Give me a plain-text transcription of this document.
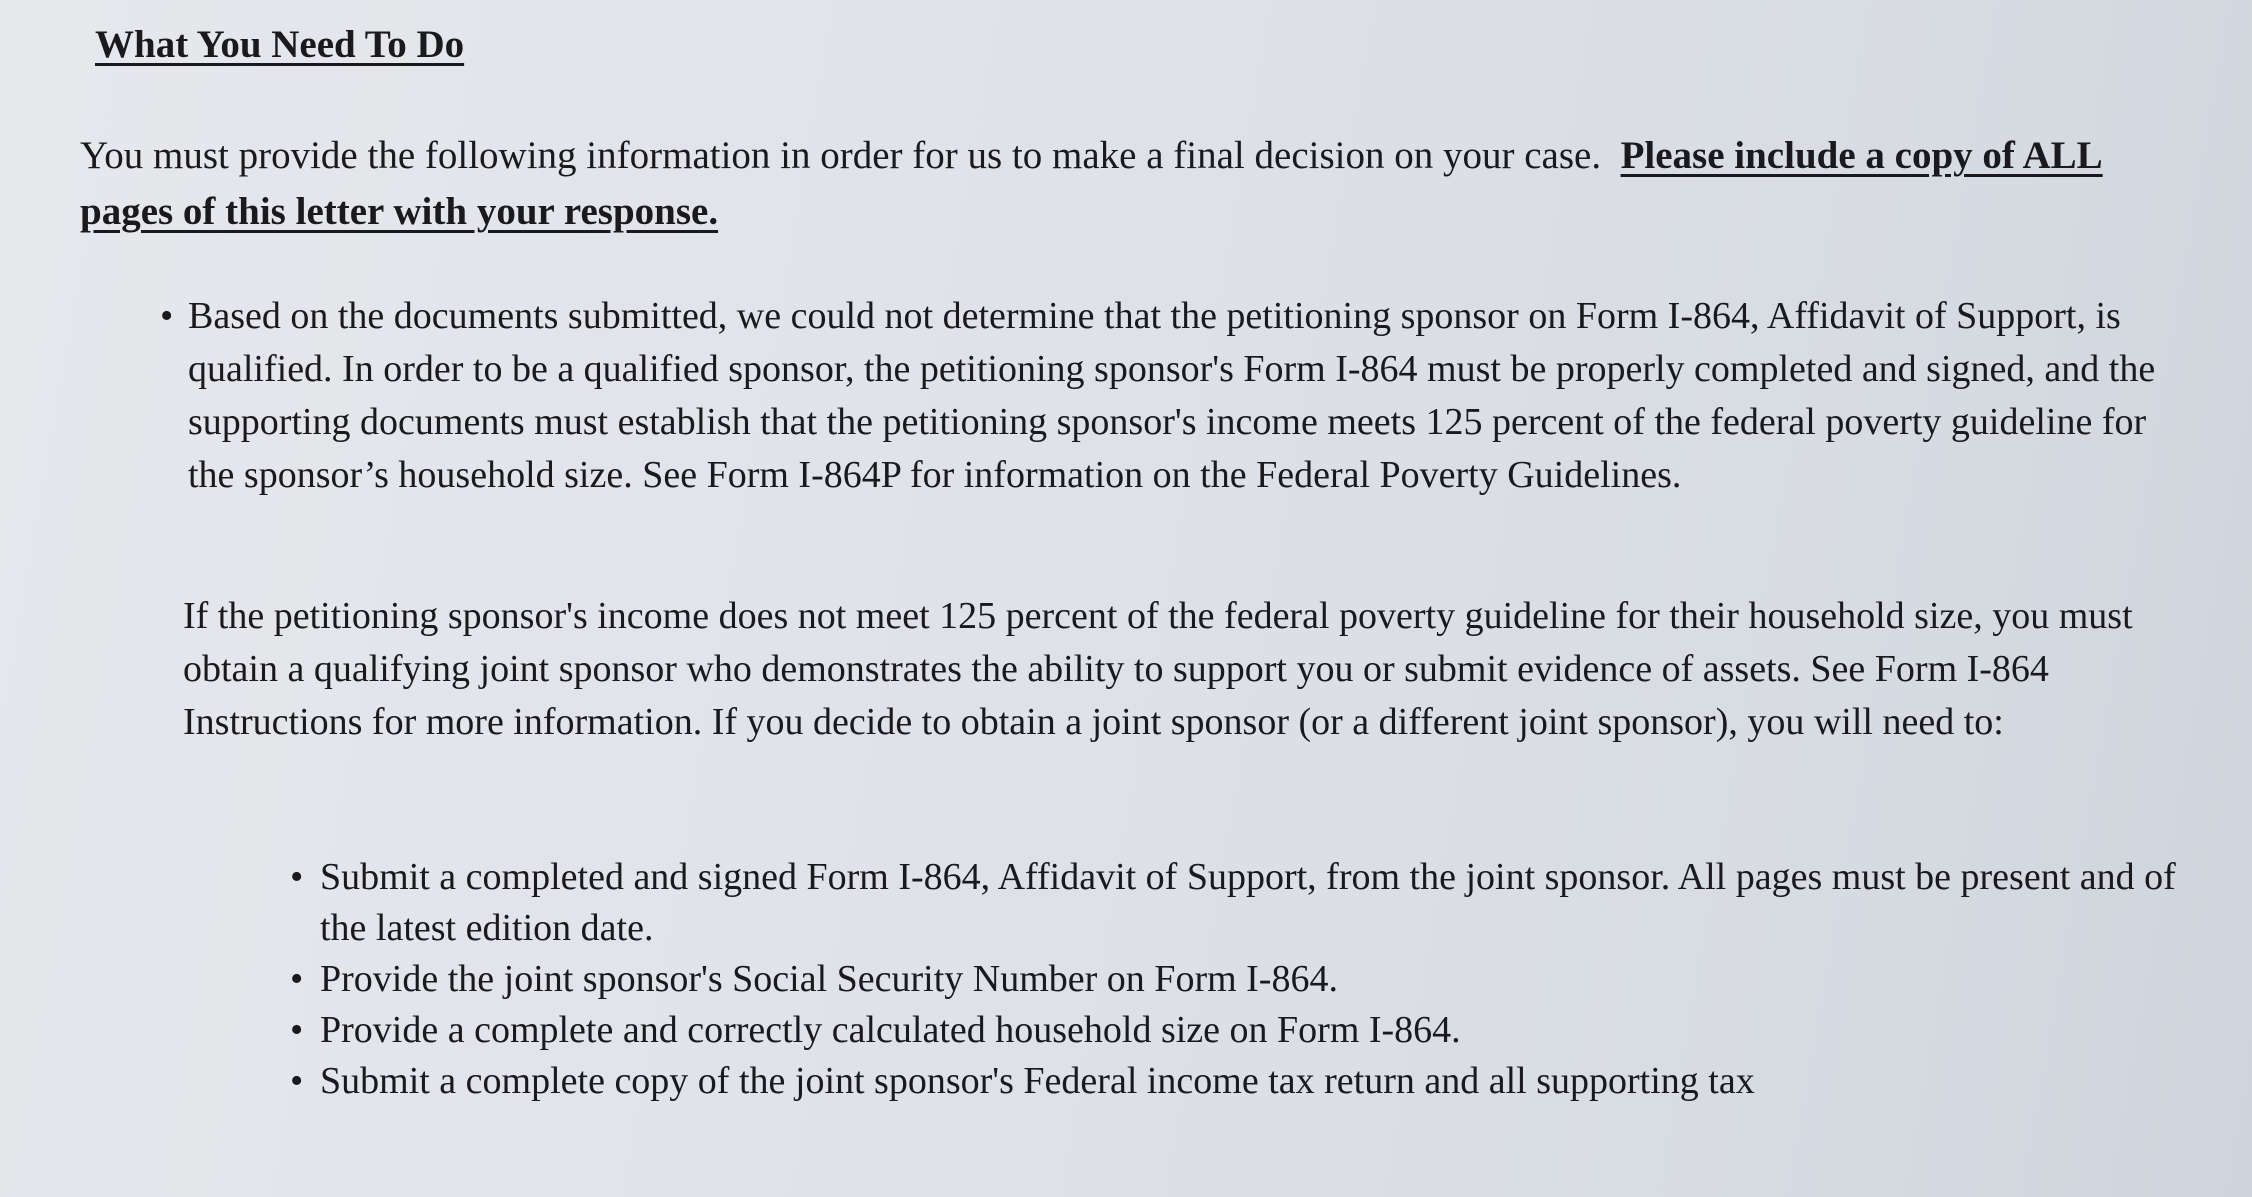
What You Need To Do

You must provide the following information in order for us to make a final decision on your case. Please include a copy of ALL pages of this letter with your response.

• Based on the documents submitted, we could not determine that the petitioning sponsor on Form I-864, Affidavit of Support, is qualified. In order to be a qualified sponsor, the petitioning sponsor's Form I-864 must be properly completed and signed, and the supporting documents must establish that the petitioning sponsor's income meets 125 percent of the federal poverty guideline for the sponsor’s household size. See Form I-864P for information on the Federal Poverty Guidelines.

If the petitioning sponsor's income does not meet 125 percent of the federal poverty guideline for their household size, you must obtain a qualifying joint sponsor who demonstrates the ability to support you or submit evidence of assets. See Form I-864 Instructions for more information. If you decide to obtain a joint sponsor (or a different joint sponsor), you will need to:

• Submit a completed and signed Form I-864, Affidavit of Support, from the joint sponsor. All pages must be present and of the latest edition date.
• Provide the joint sponsor's Social Security Number on Form I-864.
• Provide a complete and correctly calculated household size on Form I-864.
• Submit a complete copy of the joint sponsor's Federal income tax return and all supporting tax
